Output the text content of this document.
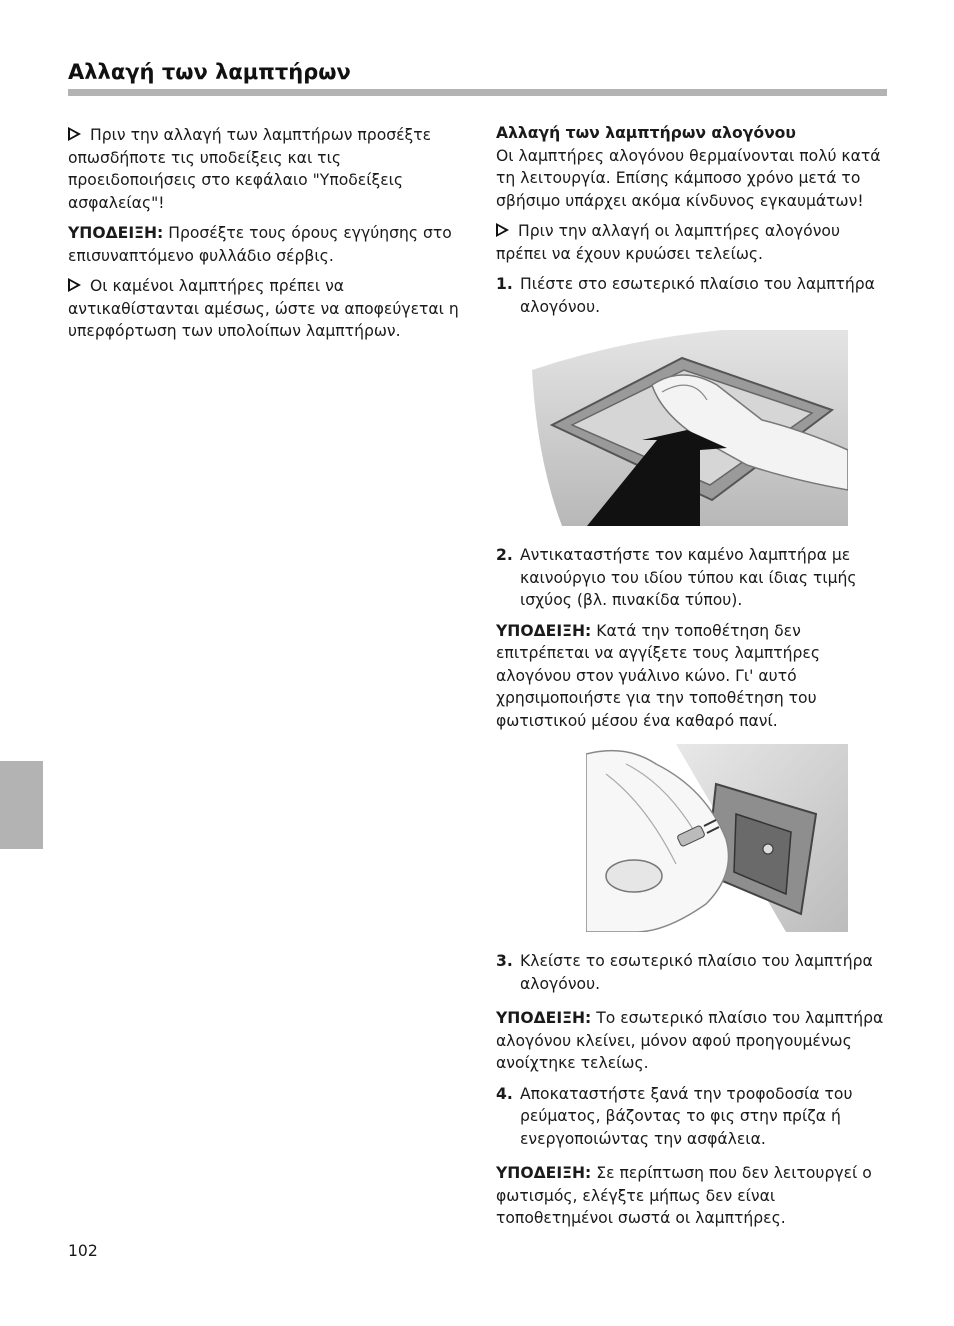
Αλλαγή των λαμπτήρων

Πριν την αλλαγή των λαμπτήρων προσέξτε οπωσδήποτε τις υποδείξεις και τις προειδοποιήσεις στο κεφάλαιο "Υποδείξεις ασφαλείας"!

ΥΠΟΔΕΙΞΗ: Προσέξτε τους όρους εγγύησης στο επισυναπτόμενο φυλλάδιο σέρβις.

Οι καμένοι λαμπτήρες πρέπει να αντικαθίστανται αμέσως, ώστε να αποφεύγεται η υπερφόρτωση των υπολοίπων λαμπτήρων.

Αλλαγή των λαμπτήρων αλογόνου

Οι λαμπτήρες αλογόνου θερμαίνονται πολύ κατά τη λειτουργία. Επίσης κάμποσο χρόνο μετά το σβήσιμο υπάρχει ακόμα κίνδυνος εγκαυμάτων!

Πριν την αλλαγή οι λαμπτήρες αλογόνου πρέπει να έχουν κρυώσει τελείως.

1. Πιέστε στο εσωτερικό πλαίσιο του λαμπτήρα αλογόνου.
2. Αντικαταστήστε τον καμένο λαμπτήρα με καινούργιο του ιδίου τύπου και ίδιας τιμής ισχύος (βλ. πινακίδα τύπου).

ΥΠΟΔΕΙΞΗ: Κατά την τοποθέτηση δεν επιτρέπεται να αγγίξετε τους λαμπτήρες αλογόνου στον γυάλινο κώνο. Γι' αυτό χρησιμοποιήστε για την τοποθέτηση του φωτιστικού μέσου ένα καθαρό πανί.

3. Κλείστε το εσωτερικό πλαίσιο του λαμπτήρα αλογόνου.

ΥΠΟΔΕΙΞΗ: Το εσωτερικό πλαίσιο του λαμπτήρα αλογόνου κλείνει, μόνον αφού προηγουμένως ανοίχτηκε τελείως.

4. Αποκαταστήστε ξανά την τροφοδοσία του ρεύματος, βάζοντας το φις στην πρίζα ή ενεργοποιώντας την ασφάλεια.

ΥΠΟΔΕΙΞΗ: Σε περίπτωση που δεν λειτουργεί ο φωτισμός, ελέγξτε μήπως δεν είναι τοποθετημένοι σωστά οι λαμπτήρες.

102
